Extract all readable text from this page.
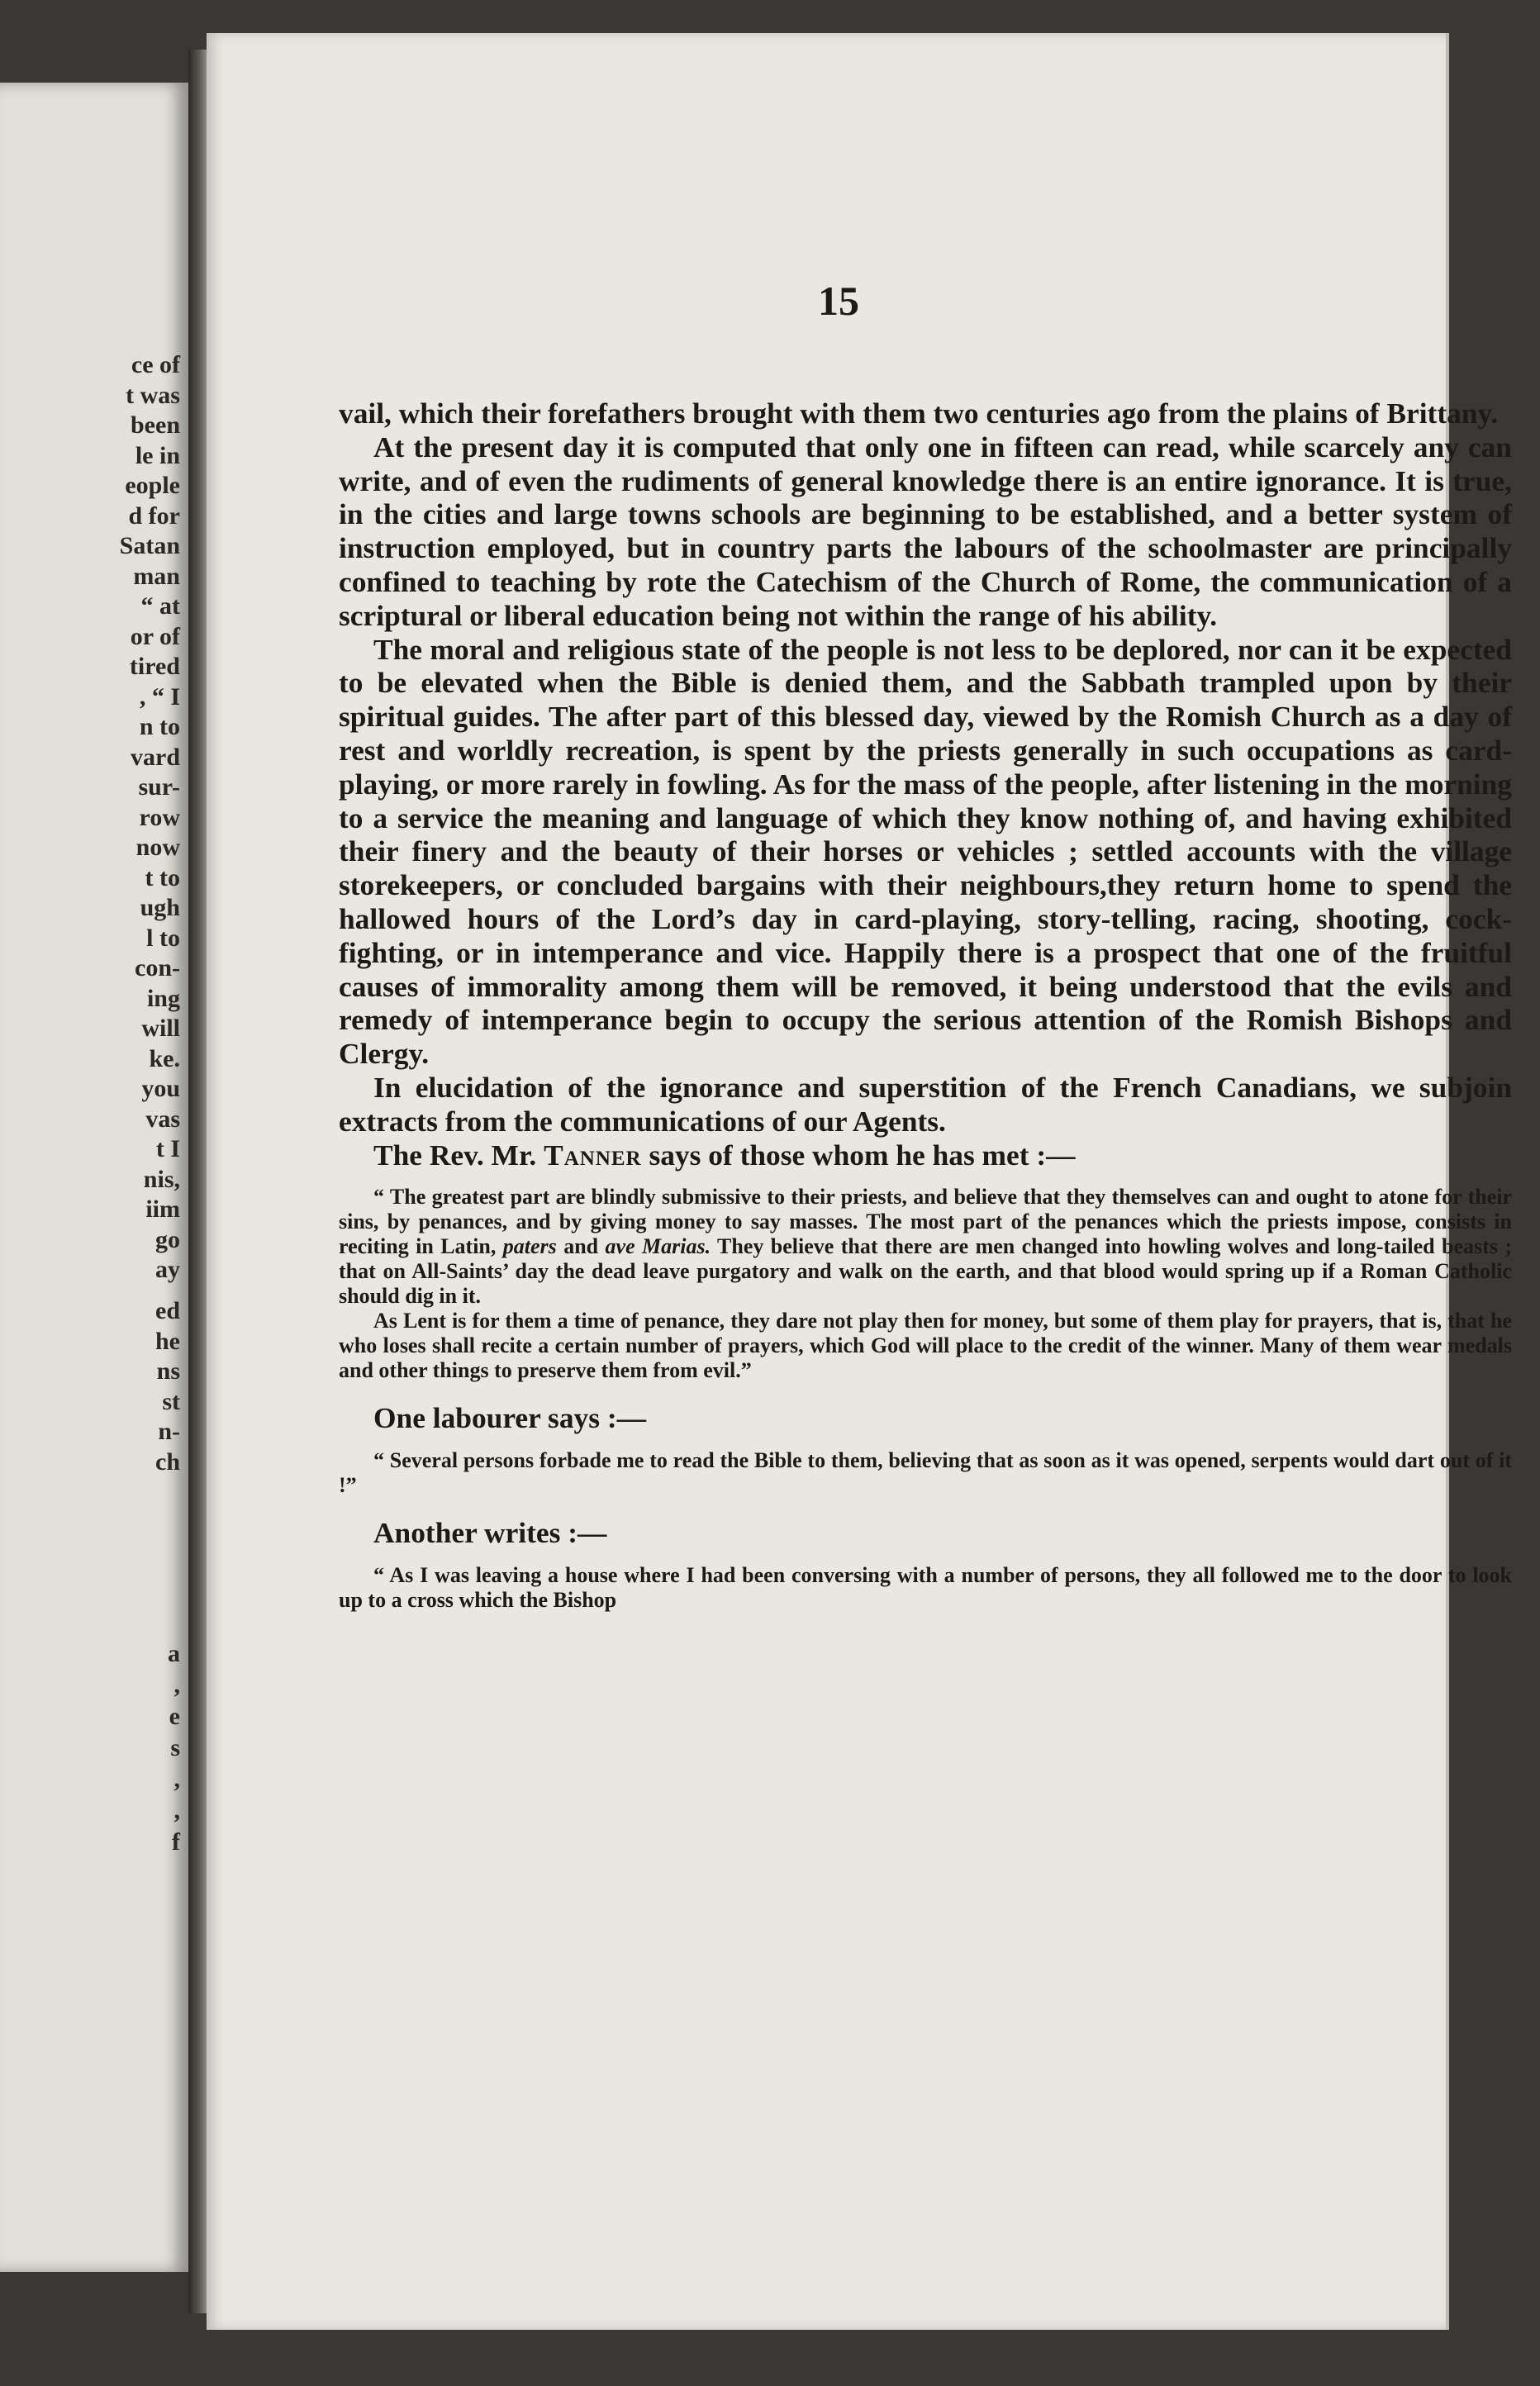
ce of

t was

been

le in

eople

d for

Satan

man

“ at

or of

tired

, “ I

n to

vard

sur-

row

now

t to

ugh

l to

con-

ing

will

ke.

you

vas

t I

nis,

iim

go

ay

ed

he

ns

st

n-

ch

a

,

e

s

,

,

f

15

vail, which their forefathers brought with them two centuries ago from the plains of Brittany.

At the present day it is computed that only one in fifteen can read, while scarcely any can write, and of even the rudiments of general knowledge there is an entire ignorance. It is true, in the cities and large towns schools are beginning to be established, and a better system of instruction employed, but in country parts the labours of the schoolmaster are principally confined to teaching by rote the Catechism of the Church of Rome, the communication of a scriptural or liberal education being not within the range of his ability.

The moral and religious state of the people is not less to be deplored, nor can it be expected to be elevated when the Bible is denied them, and the Sabbath trampled upon by their spiritual guides. The after part of this blessed day, viewed by the Romish Church as a day of rest and worldly recreation, is spent by the priests generally in such occupations as card-playing, or more rarely in fowling. As for the mass of the people, after listening in the morning to a service the meaning and language of which they know nothing of, and having exhibited their finery and the beauty of their horses or vehicles ; settled accounts with the village storekeepers, or concluded bargains with their neighbours,they return home to spend the hallowed hours of the Lord’s day in card-playing, story-telling, racing, shooting, cock-fighting, or in intemperance and vice. Happily there is a prospect that one of the fruitful causes of immorality among them will be removed, it being understood that the evils and remedy of intemperance begin to occupy the serious attention of the Romish Bishops and Clergy.

In elucidation of the ignorance and superstition of the French Canadians, we subjoin extracts from the communications of our Agents.

The Rev. Mr. Tanner says of those whom he has met :—

“ The greatest part are blindly submissive to their priests, and believe that they themselves can and ought to atone for their sins, by penances, and by giving money to say masses. The most part of the penances which the priests impose, consists in reciting in Latin, paters and ave Marias. They believe that there are men changed into howling wolves and long-tailed beasts ; that on All-Saints’ day the dead leave purgatory and walk on the earth, and that blood would spring up if a Roman Catholic should dig in it.

As Lent is for them a time of penance, they dare not play then for money, but some of them play for prayers, that is, that he who loses shall recite a certain number of prayers, which God will place to the credit of the winner. Many of them wear medals and other things to preserve them from evil.”

One labourer says :—

“ Several persons forbade me to read the Bible to them, believing that as soon as it was opened, serpents would dart out of it !”

Another writes :—

“ As I was leaving a house where I had been conversing with a number of persons, they all followed me to the door to look up to a cross which the Bishop
